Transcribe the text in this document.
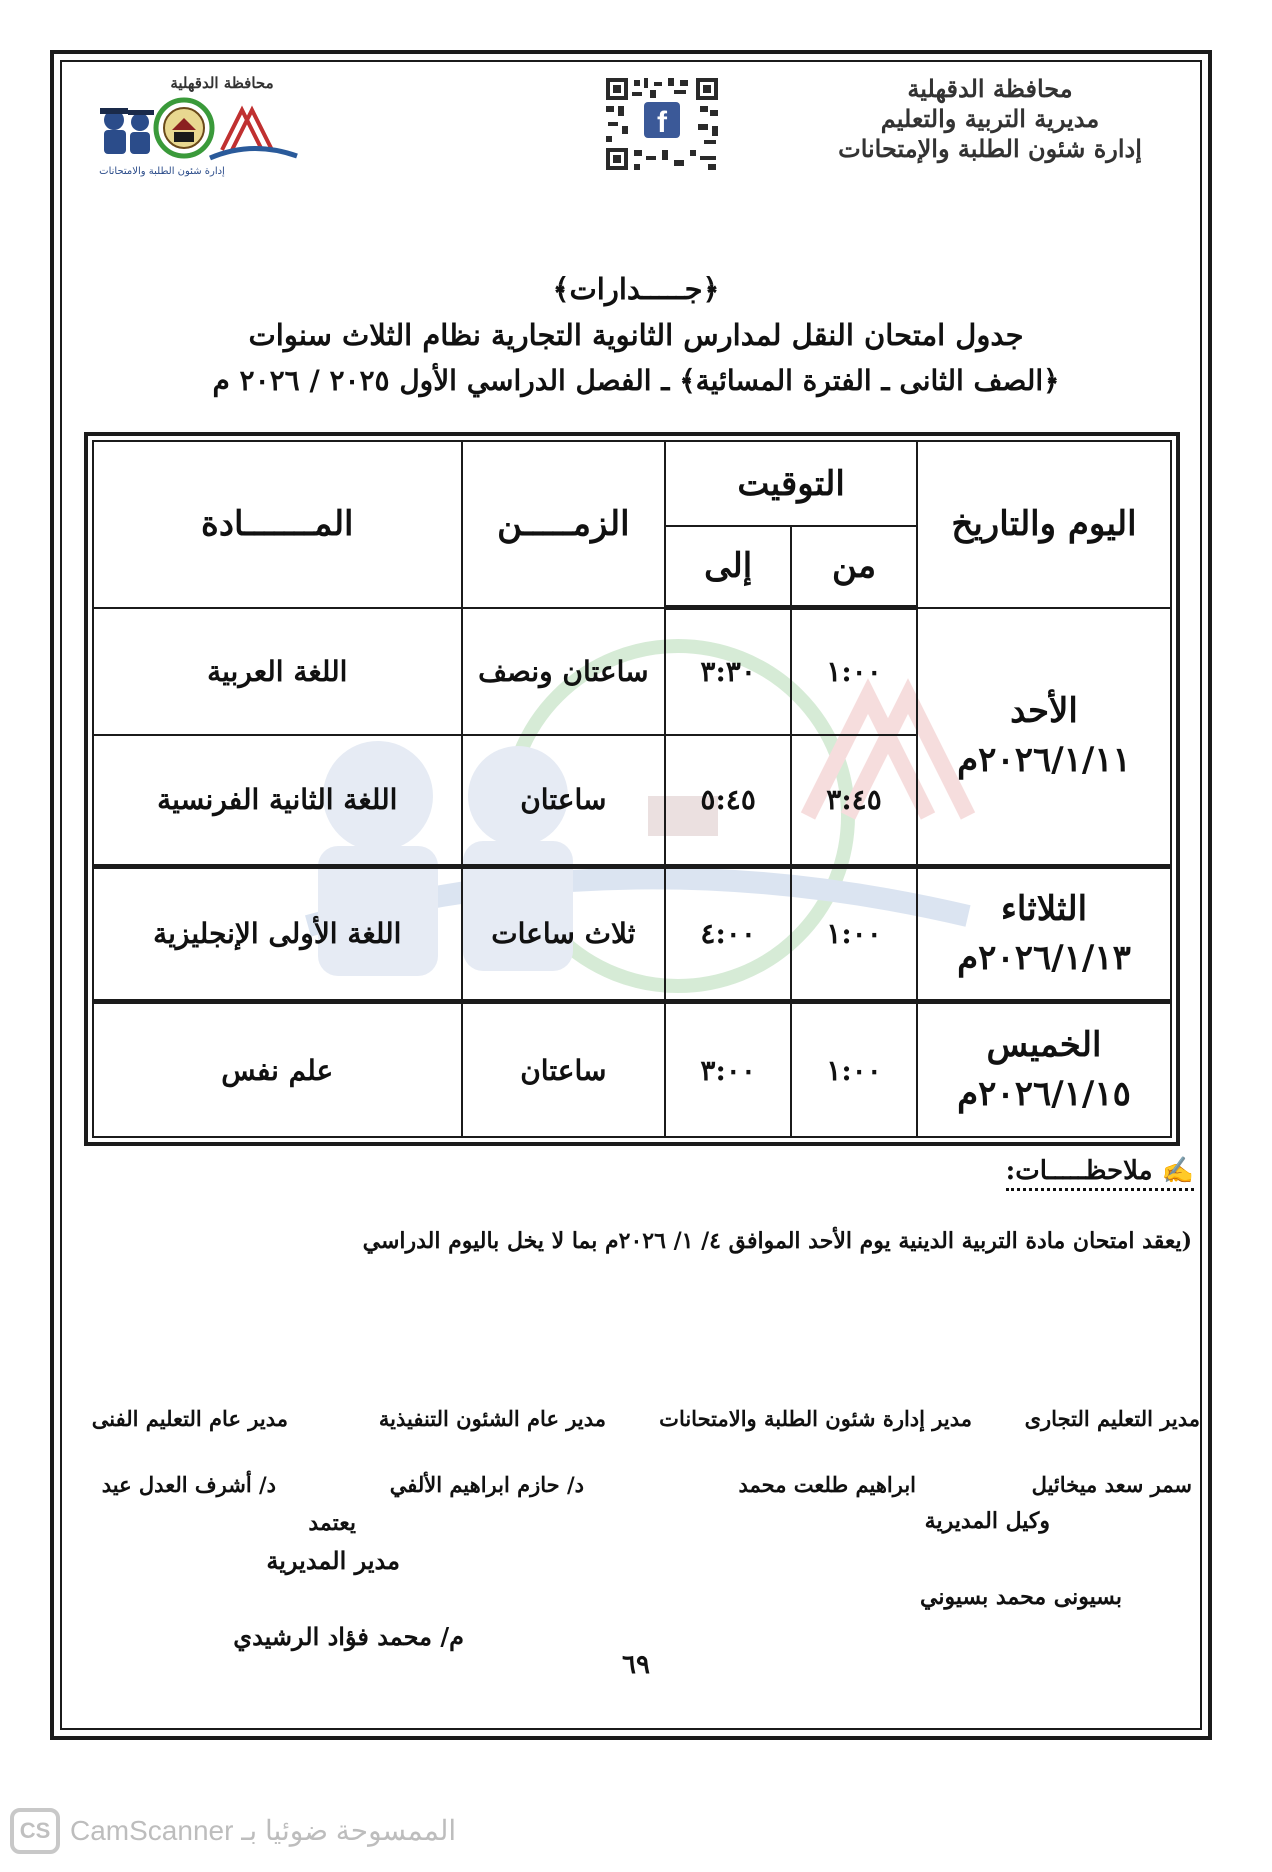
محافظة الدقهلية
مديرية التربية والتعليم
إدارة شئون الطلبة والإمتحانات
f
محافظة الدقهلية
إدارة شئون الطلبة والامتحانات
﴿جـــــدارات﴾
جدول امتحان النقل لمدارس الثانوية التجارية نظام الثلاث سنوات
﴿الصف الثانى ـ الفترة المسائية﴾ ـ الفصل الدراسي الأول ٢٠٢٥ / ٢٠٢٦ م
اليوم والتاريخ	التوقيت		الزمـــــن	المـــــــادة
	من	إلى		

الأحد
٢٠٢٦/١/١١م	١:٠٠	٣:٣٠	ساعتان ونصف	اللغة العربية
	٣:٤٥	٥:٤٥	ساعتان	اللغة الثانية الفرنسية

الثلاثاء
٢٠٢٦/١/١٣م	١:٠٠	٤:٠٠	ثلاث ساعات	اللغة الأولى الإنجليزية

الخميس
٢٠٢٦/١/١٥م	١:٠٠	٣:٠٠	ساعتان	علم نفس
✍ ملاحظـــــات:
(يعقد امتحان مادة التربية الدينية يوم الأحد الموافق ٤/ ١/ ٢٠٢٦م بما لا يخل باليوم الدراسي
مدير التعليم التجارى
مدير إدارة شئون الطلبة والامتحانات
مدير عام الشئون التنفيذية
مدير عام التعليم الفنى
سمر سعد ميخائيل
ابراهيم طلعت محمد
د/ حازم ابراهيم الألفي
د/ أشرف العدل عيد
وكيل المديرية
بسيونى محمد بسيوني
يعتمد
مدير المديرية
م/ محمد فؤاد الرشيدي
٦٩
CS CamScanner الممسوحة ضوئيا بـ
